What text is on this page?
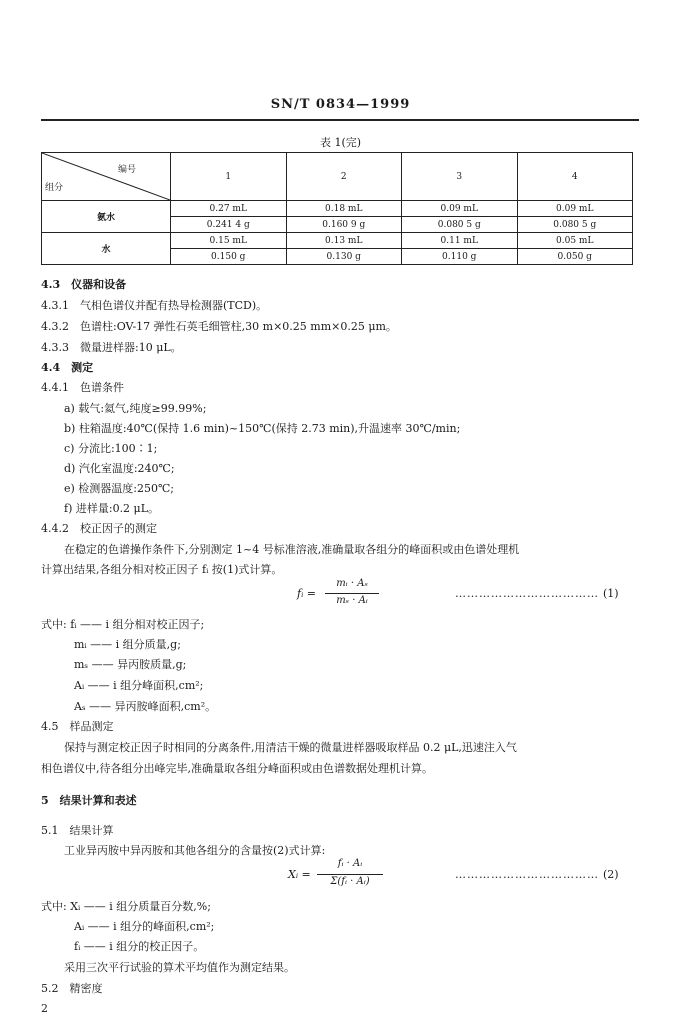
SN/T 0834—1999
表 1(完)
编号
组分	1	2	3	4
氨水	0.27 mL	0.18 mL	0.09 mL	0.09 mL
	0.241 4 g	0.160 9 g	0.080 5 g	0.080 5 g
水	0.15 mL	0.13 mL	0.11 mL	0.05 mL
	0.150 g	0.130 g	0.110 g	0.050 g
4.3　仪器和设备
4.3.1　气相色谱仪并配有热导检测器(TCD)。
4.3.2　色谱柱:OV-17 弹性石英毛细管柱,30 m×0.25 mm×0.25 μm。
4.3.3　微量进样器:10 μL。
4.4　测定
4.4.1　色谱条件
a) 载气:氦气,纯度≥99.99%;
b) 柱箱温度:40℃(保持 1.6 min)~150℃(保持 2.73 min),升温速率 30℃/min;
c) 分流比:100∶1;
d) 汽化室温度:240℃;
e) 检测器温度:250℃;
f) 进样量:0.2 μL。
4.4.2　校正因子的测定
在稳定的色谱操作条件下,分别测定 1~4 号标准溶液,准确量取各组分的峰面积或由色谱处理机
计算出结果,各组分相对校正因子 fᵢ 按(1)式计算。
fᵢ =
mᵢ · Aₛ
mₛ · Aᵢ
……………………………… (1)
式中: fᵢ —— i 组分相对校正因子;
mᵢ —— i 组分质量,g;
mₛ —— 异丙胺质量,g;
Aᵢ —— i 组分峰面积,cm²;
Aₛ —— 异丙胺峰面积,cm²。
4.5　样品测定
保持与测定校正因子时相同的分离条件,用清洁干燥的微量进样器吸取样品 0.2 μL,迅速注入气
相色谱仪中,待各组分出峰完毕,准确量取各组分峰面积或由色谱数据处理机计算。
5　结果计算和表述
5.1　结果计算
工业异丙胺中异丙胺和其他各组分的含量按(2)式计算:
Xᵢ =
fᵢ · Aᵢ
Σ(fᵢ · Aᵢ)
……………………………… (2)
式中: Xᵢ —— i 组分质量百分数,%;
Aᵢ —— i 组分的峰面积,cm²;
fᵢ —— i 组分的校正因子。
采用三次平行试验的算术平均值作为测定结果。
5.2　精密度
2
